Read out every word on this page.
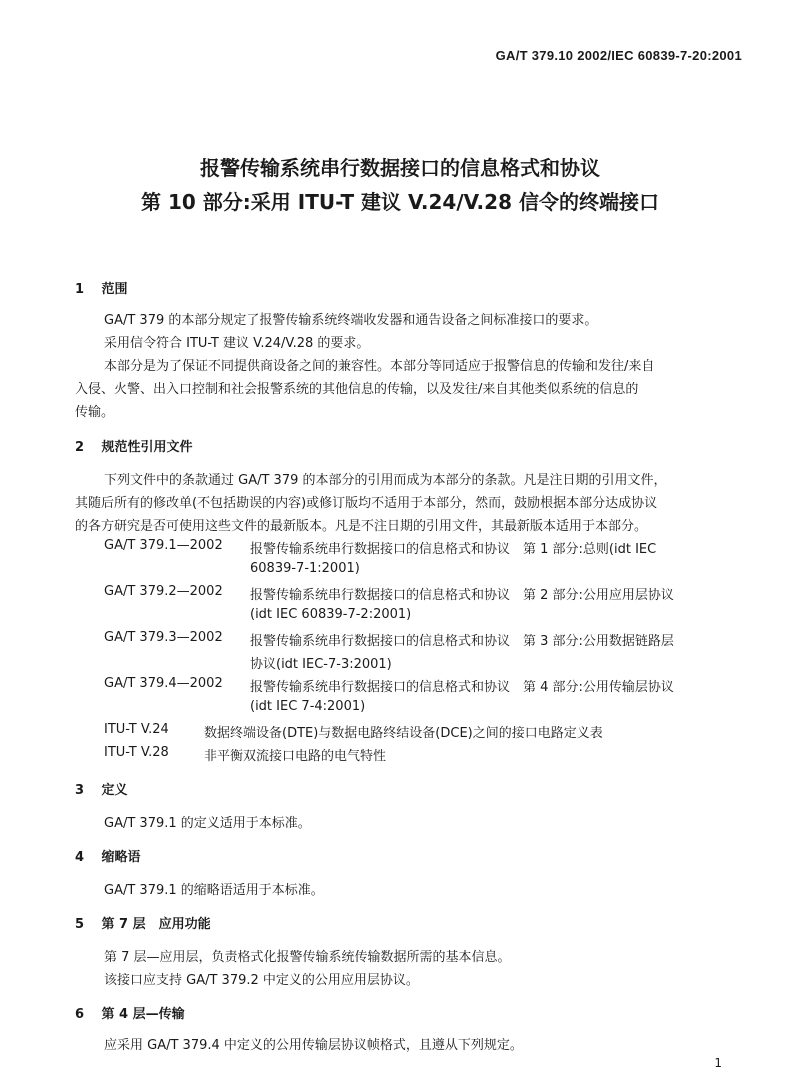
GA/T 379.10 2002/IEC 60839-7-20:2001
报警传输系统串行数据接口的信息格式和协议
第 10 部分:采用 ITU-T 建议 V.24/V.28 信令的终端接口
1 范围
GA/T 379 的本部分规定了报警传输系统终端收发器和通告设备之间标准接口的要求。
采用信令符合 ITU-T 建议 V.24/V.28 的要求。
本部分是为了保证不同提供商设备之间的兼容性。本部分等同适应于报警信息的传输和发往/来自
入侵、火警、出入口控制和社会报警系统的其他信息的传输，以及发往/来自其他类似系统的信息的
传输。
2 规范性引用文件
下列文件中的条款通过 GA/T 379 的本部分的引用而成为本部分的条款。凡是注日期的引用文件，
其随后所有的修改单(不包括勘误的内容)或修订版均不适用于本部分，然而，鼓励根据本部分达成协议
的各方研究是否可使用这些文件的最新版本。凡是不注日期的引用文件，其最新版本适用于本部分。
GA/T 379.1—2002 报警传输系统串行数据接口的信息格式和协议　第 1 部分:总则(idt IEC
60839-7-1:2001)
GA/T 379.2—2002 报警传输系统串行数据接口的信息格式和协议　第 2 部分:公用应用层协议
(idt IEC 60839-7-2:2001)
GA/T 379.3—2002 报警传输系统串行数据接口的信息格式和协议　第 3 部分:公用数据链路层
协议(idt IEC-7-3:2001)
GA/T 379.4—2002 报警传输系统串行数据接口的信息格式和协议　第 4 部分:公用传输层协议
(idt IEC 7-4:2001)
ITU-T V.24	数据终端设备(DTE)与数据电路终结设备(DCE)之间的接口电路定义表
ITU-T V.28	非平衡双流接口电路的电气特性
3 定义
GA/T 379.1 的定义适用于本标准。
4 缩略语
GA/T 379.1 的缩略语适用于本标准。
5 第 7 层　应用功能
第 7 层—应用层，负责格式化报警传输系统传输数据所需的基本信息。
该接口应支持 GA/T 379.2 中定义的公用应用层协议。
6 第 4 层—传输
应采用 GA/T 379.4 中定义的公用传输层协议帧格式，且遵从下列规定。
1
